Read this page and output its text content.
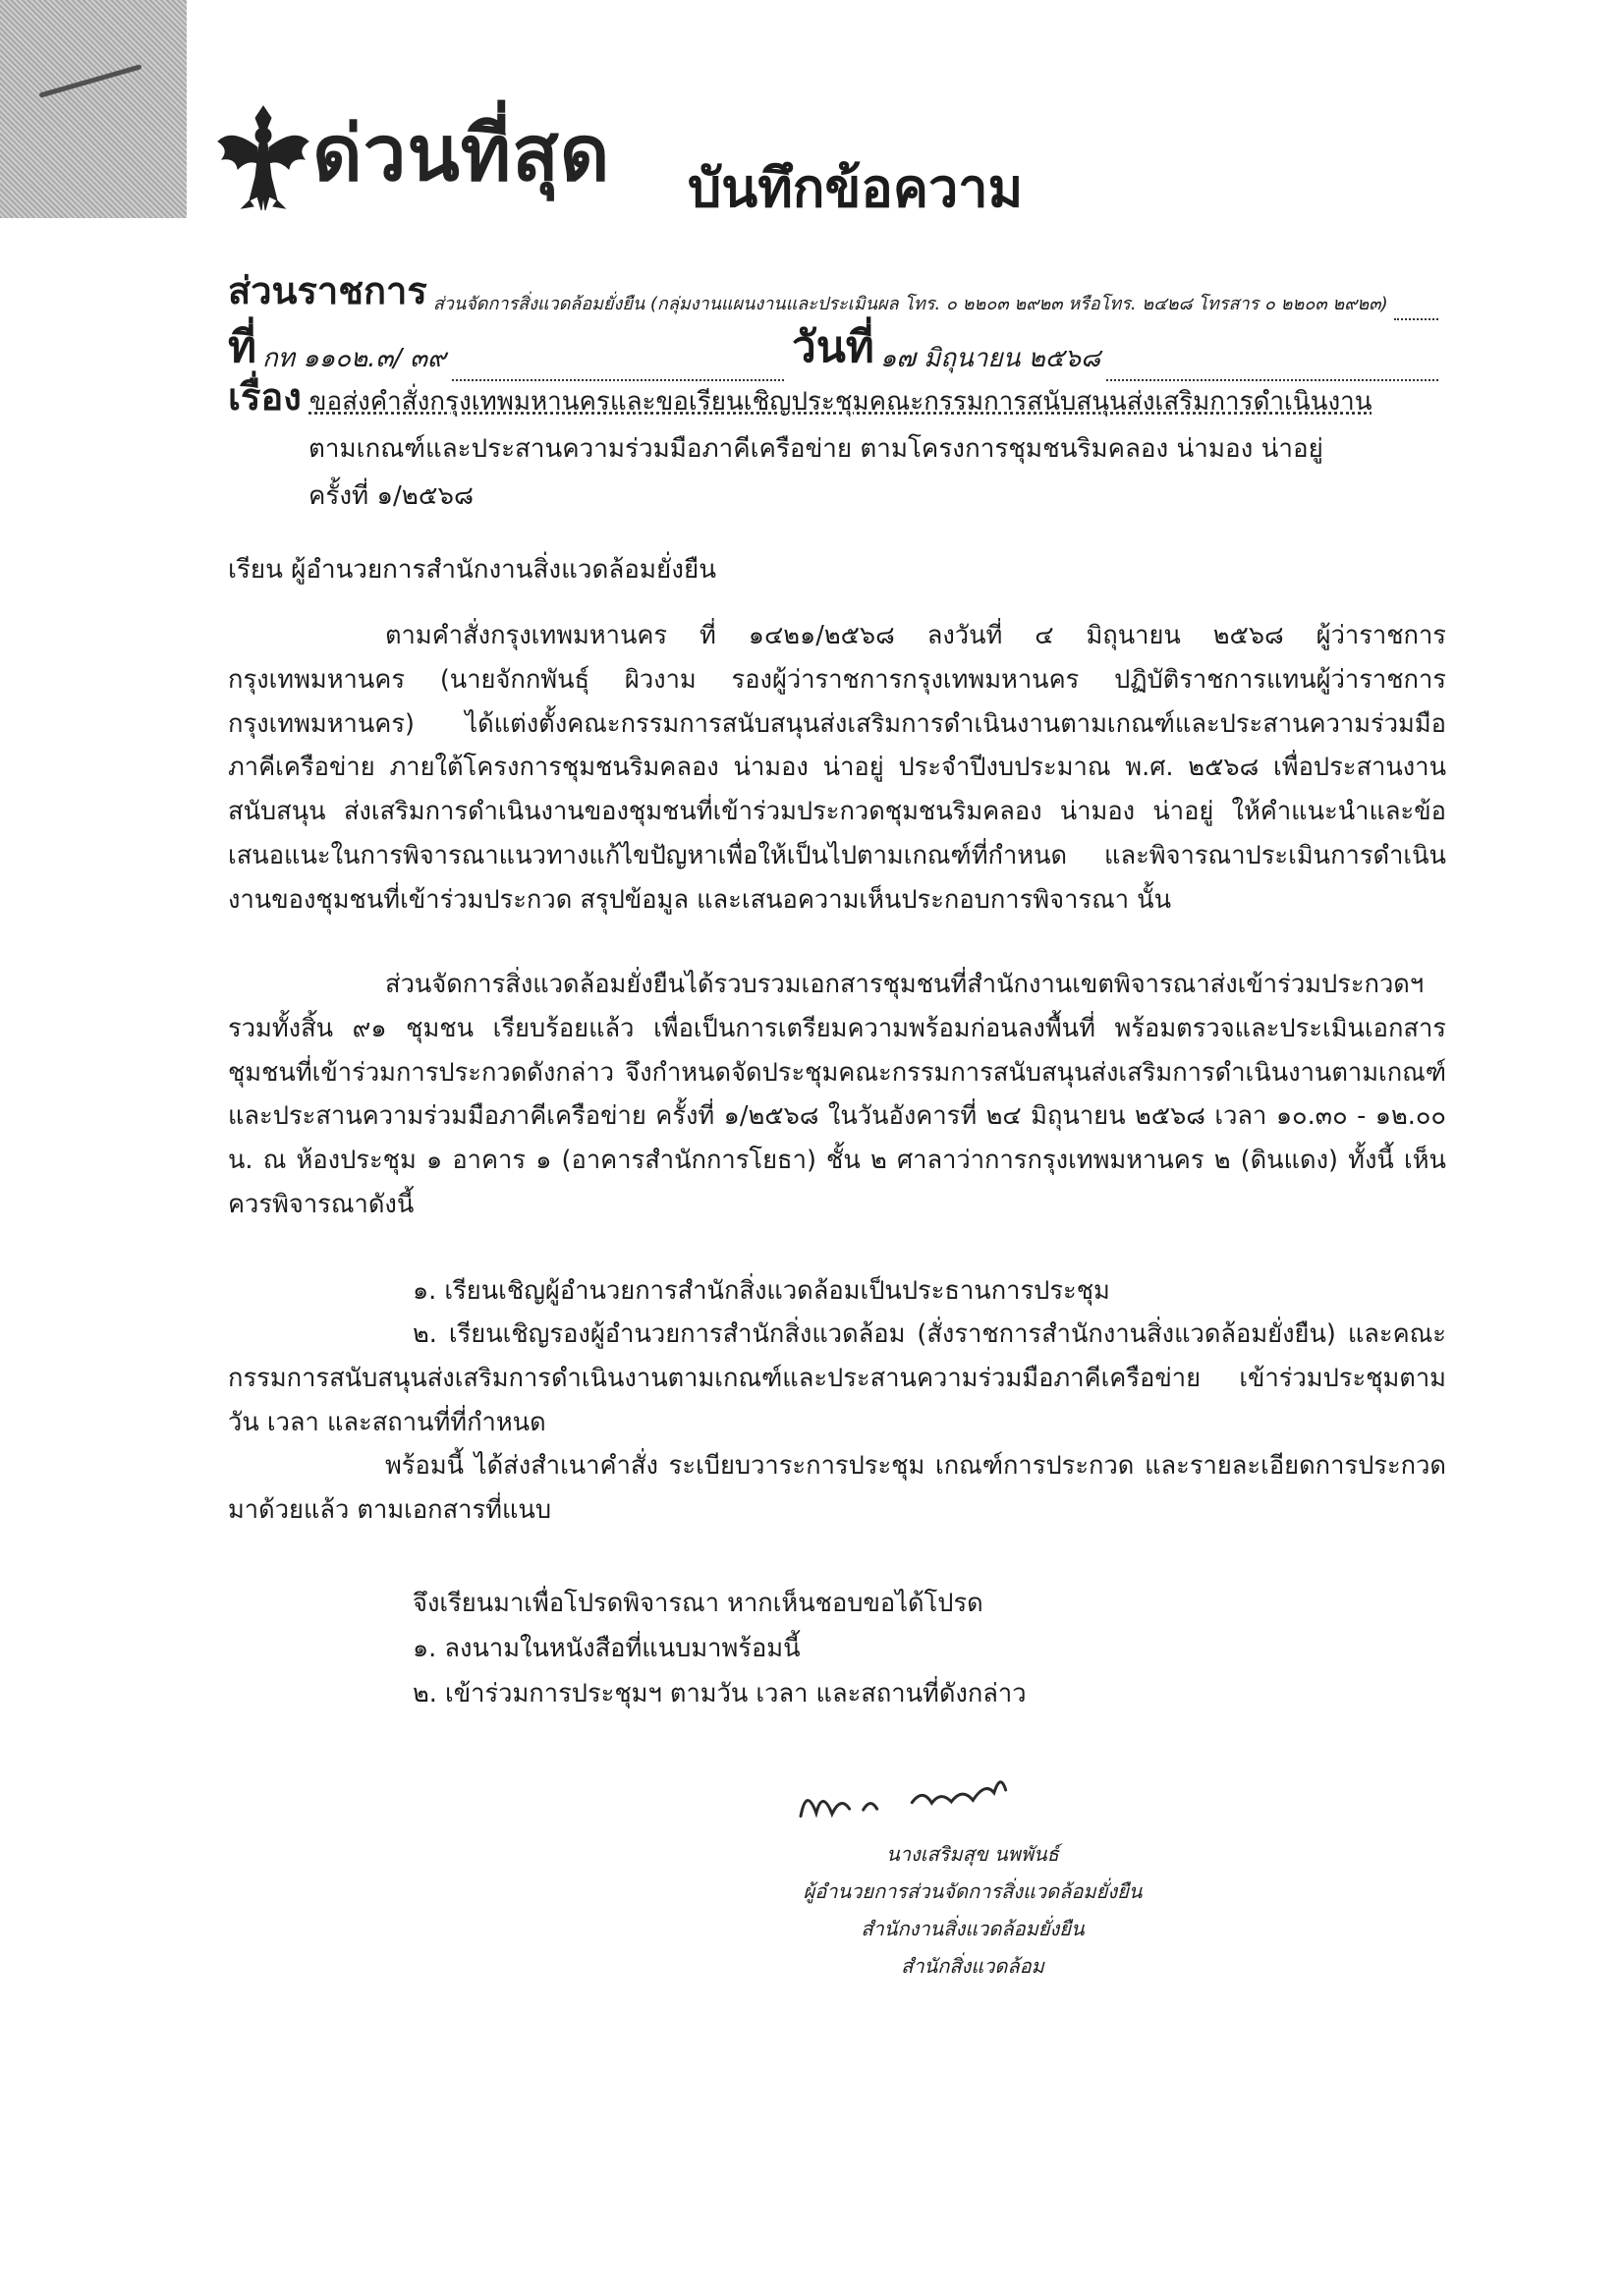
ด่วนที่สุด บันทึกข้อความ
ส่วนราชการ ส่วนจัดการสิ่งแวดล้อมยั่งยืน (กลุ่มงานแผนงานและประเมินผล โทร. ๐ ๒๒๐๓ ๒๙๒๓ หรือโทร. ๒๔๒๘ โทรสาร ๐ ๒๒๐๓ ๒๙๒๓)
ที่ กท ๑๑๐๒.๓/ ๓๙	วันที่ ๑๗ มิถุนายน ๒๕๖๘
เรื่อง ขอส่งคำสั่งกรุงเทพมหานครและขอเรียนเชิญประชุมคณะกรรมการสนับสนุนส่งเสริมการดำเนินงาน
ตามเกณฑ์และประสานความร่วมมือภาคีเครือข่าย ตามโครงการชุมชนริมคลอง น่ามอง น่าอยู่
ครั้งที่ ๑/๒๕๖๘
เรียน ผู้อำนวยการสำนักงานสิ่งแวดล้อมยั่งยืน

ตามคำสั่งกรุงเทพมหานคร ที่ ๑๔๒๑/๒๕๖๘ ลงวันที่ ๔ มิถุนายน ๒๕๖๘ ผู้ว่าราชการกรุงเทพมหานคร (นายจักกพันธุ์ ผิวงาม รองผู้ว่าราชการกรุงเทพมหานคร ปฏิบัติราชการแทนผู้ว่าราชการกรุงเทพมหานคร) ได้แต่งตั้งคณะกรรมการสนับสนุนส่งเสริมการดำเนินงานตามเกณฑ์และประสานความร่วมมือภาคีเครือข่าย ภายใต้โครงการชุมชนริมคลอง น่ามอง น่าอยู่ ประจำปีงบประมาณ พ.ศ. ๒๕๖๘ เพื่อประสานงาน สนับสนุน ส่งเสริมการดำเนินงานของชุมชนที่เข้าร่วมประกวดชุมชนริมคลอง น่ามอง น่าอยู่ ให้คำแนะนำและข้อเสนอแนะในการพิจารณาแนวทางแก้ไขปัญหาเพื่อให้เป็นไปตามเกณฑ์ที่กำหนด และพิจารณาประเมินการดำเนินงานของชุมชนที่เข้าร่วมประกวด สรุปข้อมูล และเสนอความเห็นประกอบการพิจารณา นั้น

ส่วนจัดการสิ่งแวดล้อมยั่งยืนได้รวบรวมเอกสารชุมชนที่สำนักงานเขตพิจารณาส่งเข้าร่วมประกวดฯ รวมทั้งสิ้น ๙๑ ชุมชน เรียบร้อยแล้ว เพื่อเป็นการเตรียมความพร้อมก่อนลงพื้นที่ พร้อมตรวจและประเมินเอกสารชุมชนที่เข้าร่วมการประกวดดังกล่าว จึงกำหนดจัดประชุมคณะกรรมการสนับสนุนส่งเสริมการดำเนินงานตามเกณฑ์และประสานความร่วมมือภาคีเครือข่าย ครั้งที่ ๑/๒๕๖๘ ในวันอังคารที่ ๒๔ มิถุนายน ๒๕๖๘ เวลา ๑๐.๓๐ - ๑๒.๐๐ น. ณ ห้องประชุม ๑ อาคาร ๑ (อาคารสำนักการโยธา) ชั้น ๒ ศาลาว่าการกรุงเทพมหานคร ๒ (ดินแดง) ทั้งนี้ เห็นควรพิจารณาดังนี้

๑. เรียนเชิญผู้อำนวยการสำนักสิ่งแวดล้อมเป็นประธานการประชุม

๒. เรียนเชิญรองผู้อำนวยการสำนักสิ่งแวดล้อม (สั่งราชการสำนักงานสิ่งแวดล้อมยั่งยืน) และคณะกรรมการสนับสนุนส่งเสริมการดำเนินงานตามเกณฑ์และประสานความร่วมมือภาคีเครือข่าย เข้าร่วมประชุมตามวัน เวลา และสถานที่ที่กำหนด

พร้อมนี้ ได้ส่งสำเนาคำสั่ง ระเบียบวาระการประชุม เกณฑ์การประกวด และรายละเอียดการประกวดมาด้วยแล้ว ตามเอกสารที่แนบ

จึงเรียนมาเพื่อโปรดพิจารณา หากเห็นชอบขอได้โปรด
๑. ลงนามในหนังสือที่แนบมาพร้อมนี้
๒. เข้าร่วมการประชุมฯ ตามวัน เวลา และสถานที่ดังกล่าว
นางเสริมสุข นพพันธ์
ผู้อำนวยการส่วนจัดการสิ่งแวดล้อมยั่งยืน
สำนักงานสิ่งแวดล้อมยั่งยืน
สำนักสิ่งแวดล้อม
